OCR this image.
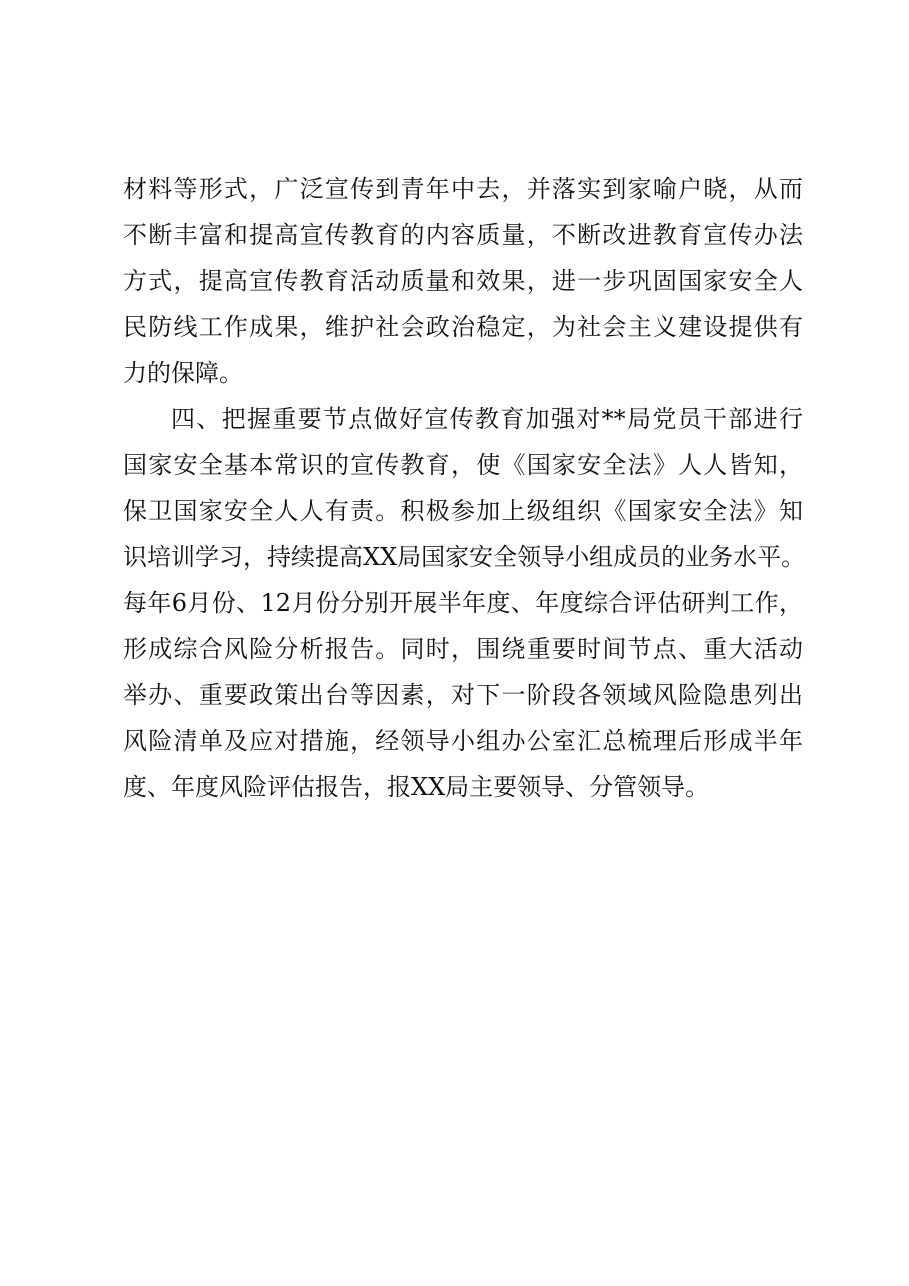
材料等形式，广泛宣传到青年中去，并落实到家喻户晓，从而
不断丰富和提高宣传教育的内容质量，不断改进教育宣传办法
方式，提高宣传教育活动质量和效果，进一步巩固国家安全人
民防线工作成果，维护社会政治稳定，为社会主义建设提供有
力的保障。
四、把握重要节点做好宣传教育加强对**局党员干部进行
国家安全基本常识的宣传教育，使《国家安全法》人人皆知，
保卫国家安全人人有责。积极参加上级组织《国家安全法》知
识培训学习，持续提高XX局国家安全领导小组成员的业务水平。
每年6月份、12月份分别开展半年度、年度综合评估研判工作，
形成综合风险分析报告。同时，围绕重要时间节点、重大活动
举办、重要政策出台等因素，对下一阶段各领域风险隐患列出
风险清单及应对措施，经领导小组办公室汇总梳理后形成半年
度、年度风险评估报告，报XX局主要领导、分管领导。
